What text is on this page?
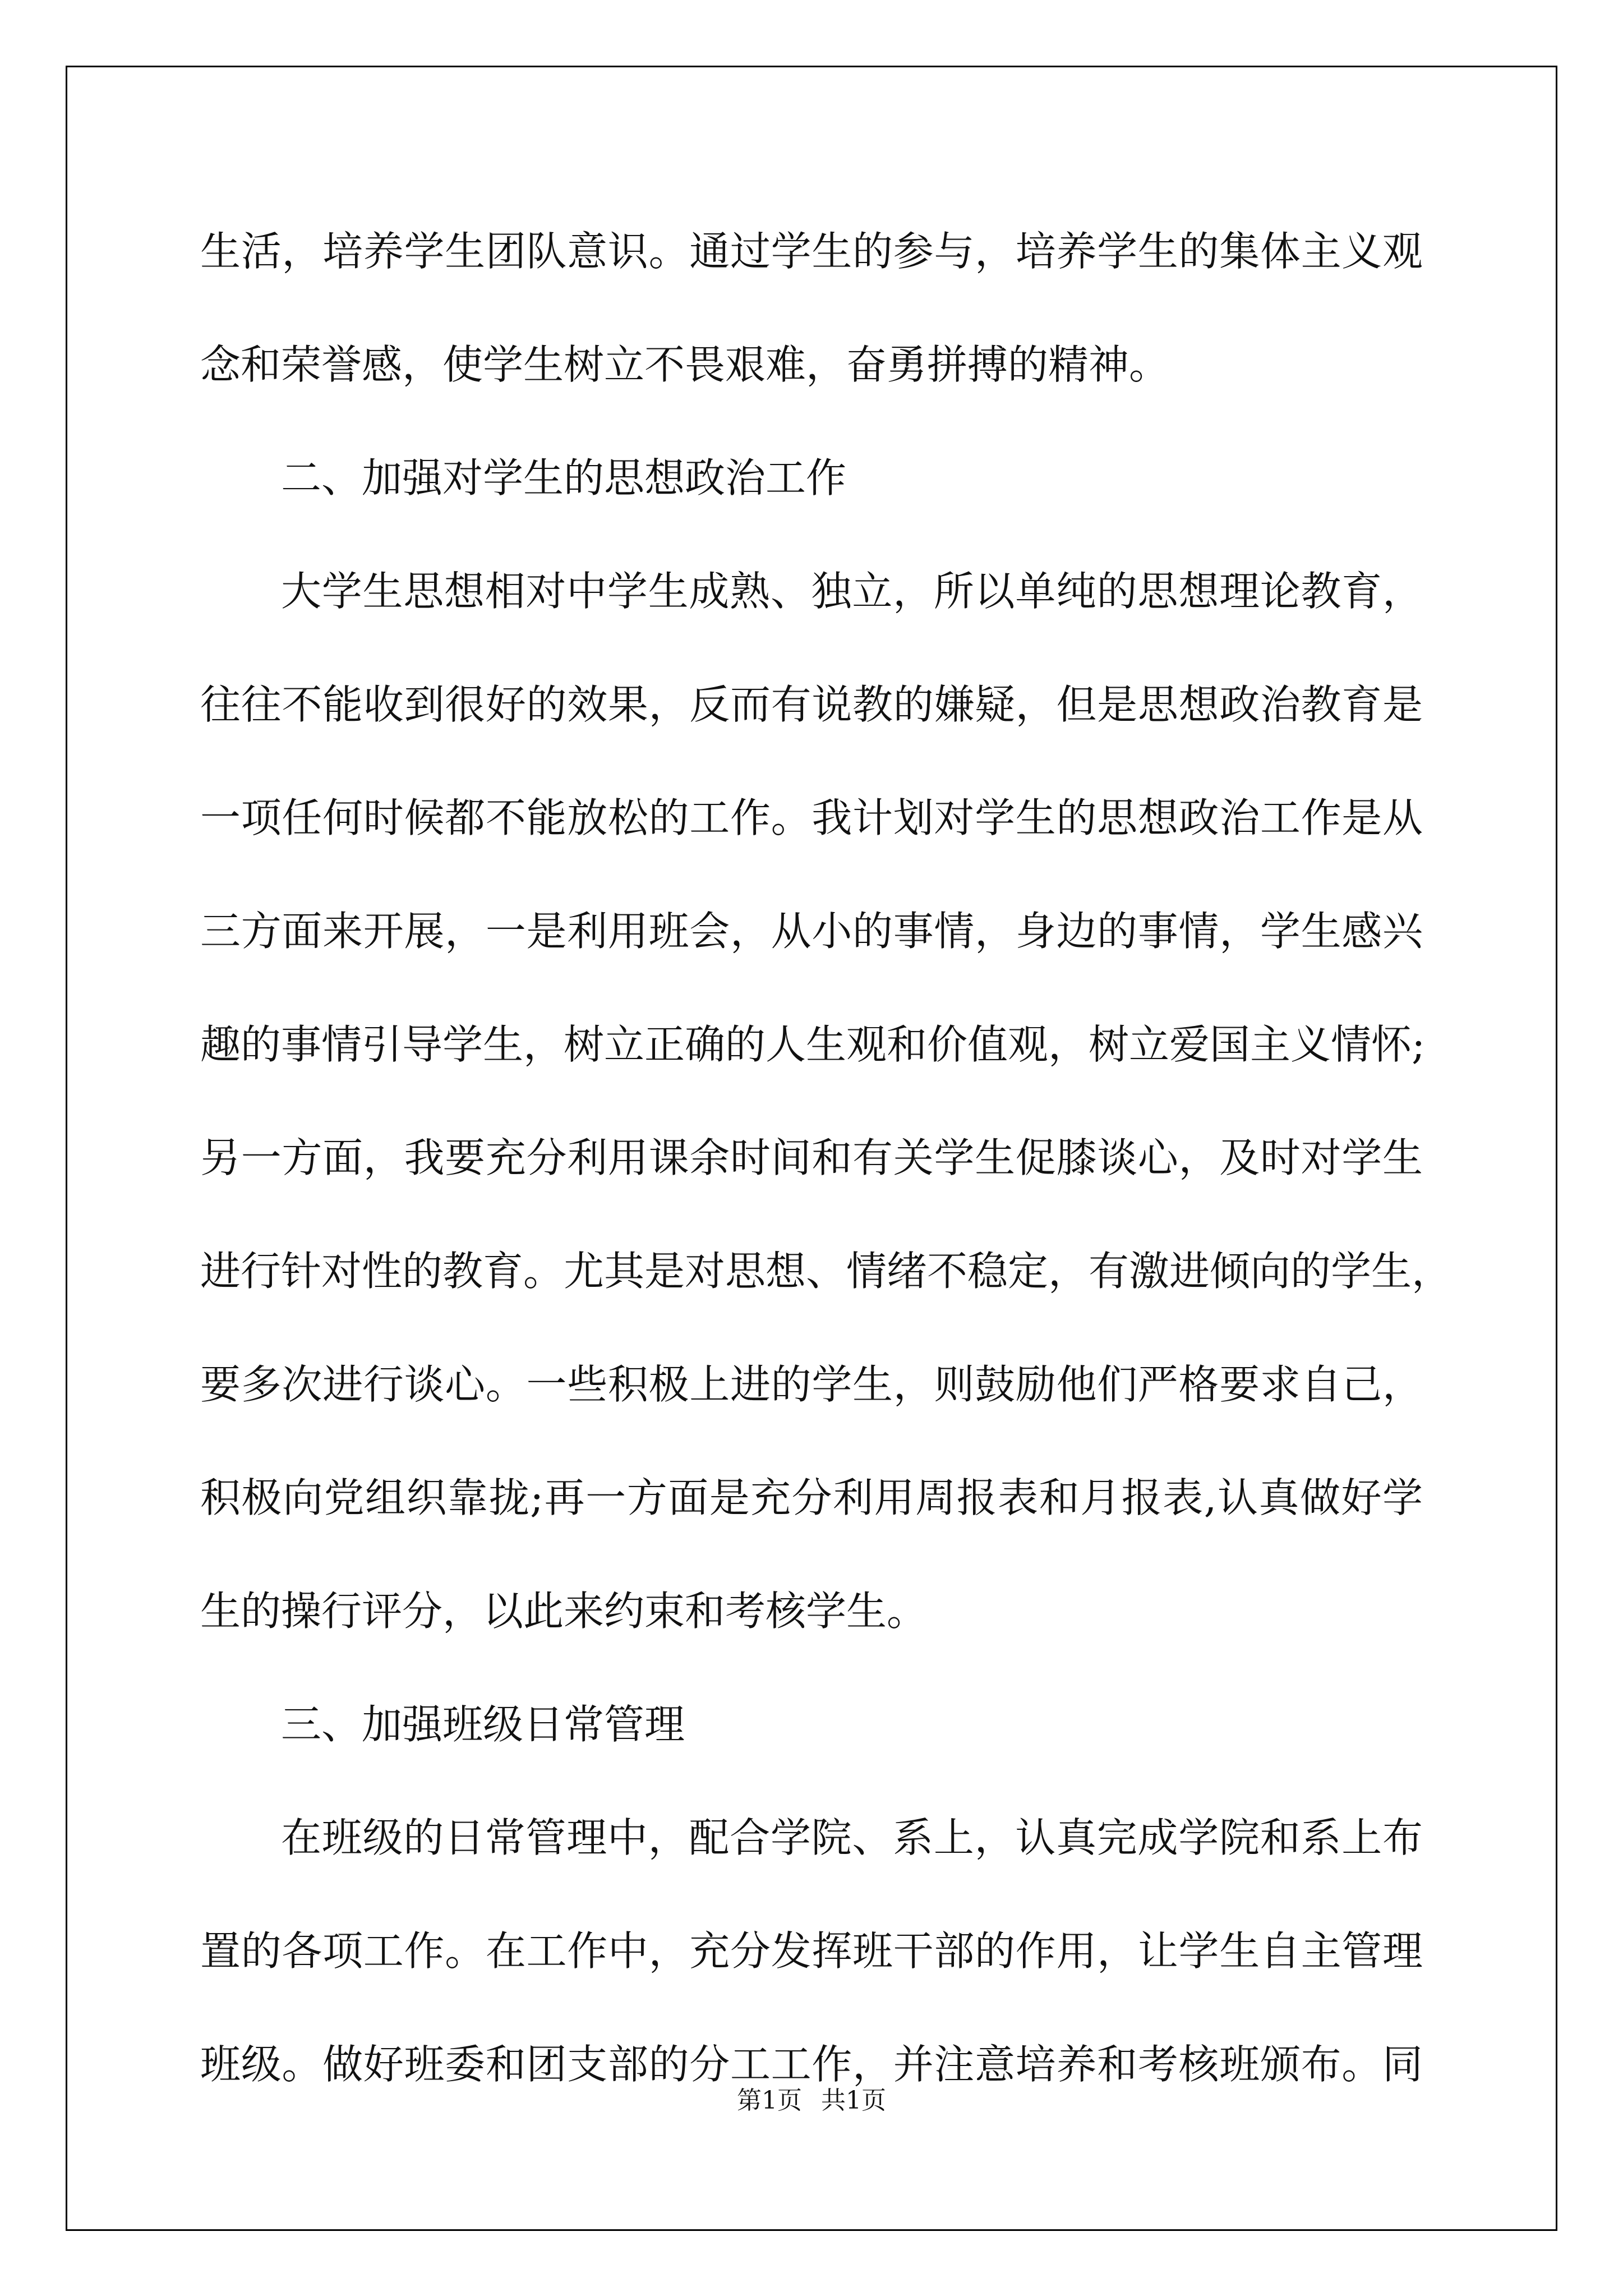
生活，培养学生团队意识。通过学生的参与，培养学生的集体主义观
念和荣誉感，使学生树立不畏艰难，奋勇拼搏的精神。
二、加强对学生的思想政治工作
大学生思想相对中学生成熟、独立，所以单纯的思想理论教育，
往往不能收到很好的效果，反而有说教的嫌疑，但是思想政治教育是
一项任何时候都不能放松的工作。我计划对学生的思想政治工作是从
三方面来开展，一是利用班会，从小的事情，身边的事情，学生感兴
趣的事情引导学生，树立正确的人生观和价值观，树立爱国主义情怀;
另一方面，我要充分利用课余时间和有关学生促膝谈心，及时对学生
进行针对性的教育。尤其是对思想、情绪不稳定，有激进倾向的学生，
要多次进行谈心。一些积极上进的学生，则鼓励他们严格要求自己，
积极向党组织靠拢;再一方面是充分利用周报表和月报表,认真做好学
生的操行评分，以此来约束和考核学生。
三、加强班级日常管理
在班级的日常管理中，配合学院、系上，认真完成学院和系上布
置的各项工作。在工作中，充分发挥班干部的作用，让学生自主管理
班级。做好班委和团支部的分工工作，并注意培养和考核班颁布。同
第1页 共1页
